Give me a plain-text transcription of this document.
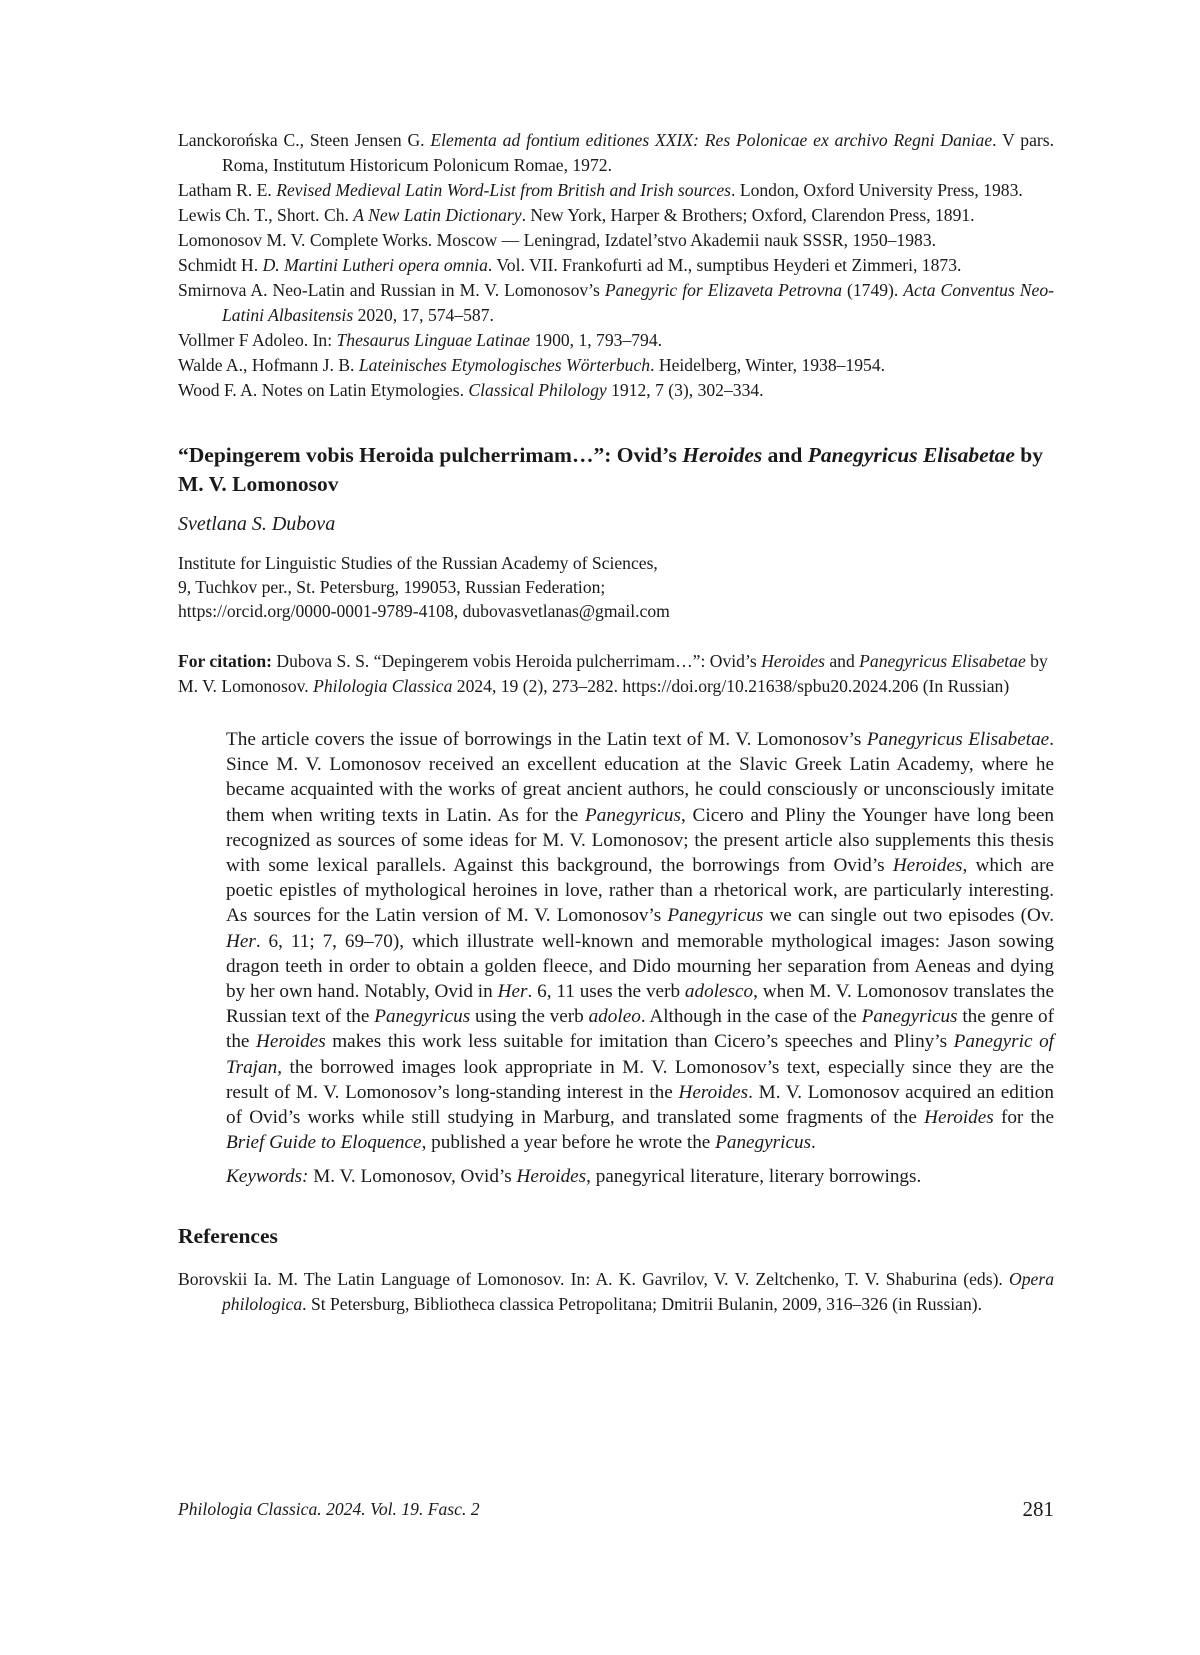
Lanckorońska C., Steen Jensen G. Elementa ad fontium editiones XXIX: Res Polonicae ex archivo Regni Daniae. V pars. Roma, Institutum Historicum Polonicum Romae, 1972.

Latham R. E. Revised Medieval Latin Word-List from British and Irish sources. London, Oxford University Press, 1983.

Lewis Ch. T., Short. Ch. A New Latin Dictionary. New York, Harper & Brothers; Oxford, Clarendon Press, 1891.

Lomonosov M. V. Complete Works. Moscow — Leningrad, Izdatel’stvo Akademii nauk SSSR, 1950–1983.

Schmidt H. D. Martini Lutheri opera omnia. Vol. VII. Frankofurti ad M., sumptibus Heyderi et Zimmeri, 1873.

Smirnova A. Neo-Latin and Russian in M. V. Lomonosov’s Panegyric for Elizaveta Petrovna (1749). Acta Conventus Neo-Latini Albasitensis 2020, 17, 574–587.

Vollmer F Adoleo. In: Thesaurus Linguae Latinae 1900, 1, 793–794.

Walde A., Hofmann J. B. Lateinisches Etymologisches Wörterbuch. Heidelberg, Winter, 1938–1954.

Wood F. A. Notes on Latin Etymologies. Classical Philology 1912, 7 (3), 302–334.

“Depingerem vobis Heroida pulcherrimam…”: Ovid’s Heroides and Panegyricus Elisabetae by M. V. Lomonosov
Svetlana S. Dubova
Institute for Linguistic Studies of the Russian Academy of Sciences,
9, Tuchkov per., St. Petersburg, 199053, Russian Federation;
https://orcid.org/0000-0001-9789-4108, dubovasvetlanas@gmail.com
For citation: Dubova S. S. “Depingerem vobis Heroida pulcherrimam…”: Ovid’s Heroides and Panegyricus Elisabetae by M. V. Lomonosov. Philologia Classica 2024, 19 (2), 273–282. https://doi.org/10.21638/spbu20.2024.206 (In Russian)
The article covers the issue of borrowings in the Latin text of M. V. Lomonosov’s Panegyricus Elisabetae. Since M. V. Lomonosov received an excellent education at the Slavic Greek Latin Academy, where he became acquainted with the works of great ancient authors, he could consciously or unconsciously imitate them when writing texts in Latin. As for the Panegyricus, Cicero and Pliny the Younger have long been recognized as sources of some ideas for M. V. Lomonosov; the present article also supplements this thesis with some lexical parallels. Against this background, the borrowings from Ovid’s Heroides, which are poetic epistles of mythological heroines in love, rather than a rhetorical work, are particularly interesting. As sources for the Latin version of M. V. Lomonosov’s Panegyricus we can single out two episodes (Ov. Her. 6, 11; 7, 69–70), which illustrate well-known and memorable mythological images: Jason sowing dragon teeth in order to obtain a golden fleece, and Dido mourning her separation from Aeneas and dying by her own hand. Notably, Ovid in Her. 6, 11 uses the verb adolesco, when M. V. Lomonosov translates the Russian text of the Panegyricus using the verb adoleo. Although in the case of the Panegyricus the genre of the Heroides makes this work less suitable for imitation than Cicero’s speeches and Pliny’s Panegyric of Trajan, the borrowed images look appropriate in M. V. Lomonosov’s text, especially since they are the result of M. V. Lomonosov’s long-standing interest in the Heroides. M. V. Lomonosov acquired an edition of Ovid’s works while still studying in Marburg, and translated some fragments of the Heroides for the Brief Guide to Eloquence, published a year before he wrote the Panegyricus.
Keywords: M. V. Lomonosov, Ovid’s Heroides, panegyrical literature, literary borrowings.
References

Borovskii Ia. M. The Latin Language of Lomonosov. In: A. K. Gavrilov, V. V. Zeltchenko, T. V. Shaburina (eds). Opera philologica. St Petersburg, Bibliotheca classica Petropolitana; Dmitrii Bulanin, 2009, 316–326 (in Russian).

Philologia Classica. 2024. Vol. 19. Fasc. 2	281
